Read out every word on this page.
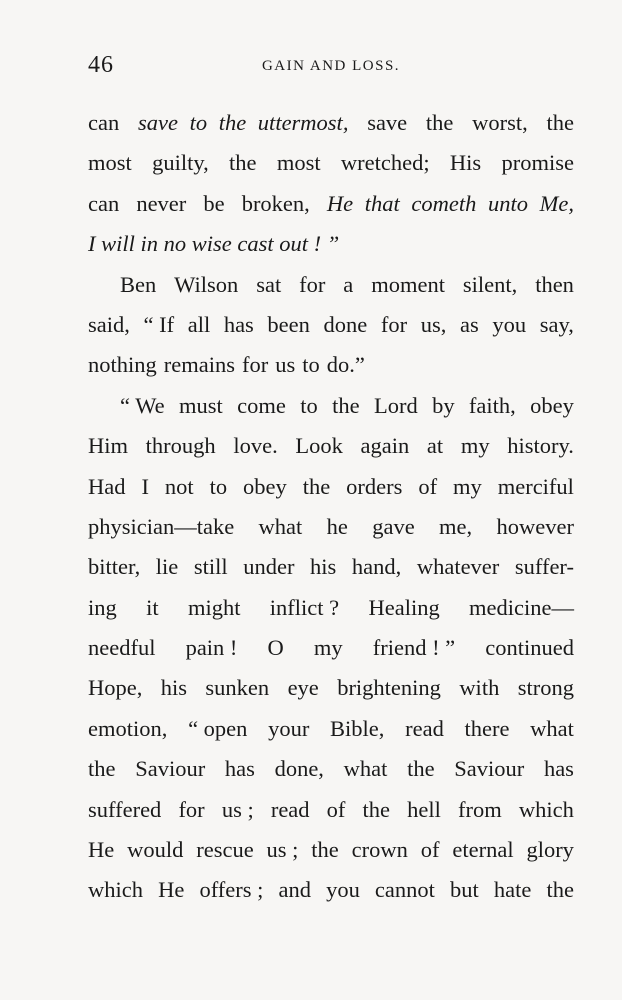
46	GAIN AND LOSS.
can save to the uttermost, save the worst, the
most guilty, the most wretched; His promise
can never be broken, He that cometh unto Me,
I will in no wise cast out ! ”
Ben Wilson sat for a moment silent, then
said, “ If all has been done for us, as you say,
nothing remains for us to do.”
“ We must come to the Lord by faith, obey
Him through love. Look again at my history.
Had I not to obey the orders of my merciful
physician—take what he gave me, however
bitter, lie still under his hand, whatever suffer-
ing it might inflict ? Healing medicine—
needful pain ! O my friend ! ” continued
Hope, his sunken eye brightening with strong
emotion, “ open your Bible, read there what
the Saviour has done, what the Saviour has
suffered for us ; read of the hell from which
He would rescue us ; the crown of eternal glory
which He offers ; and you cannot but hate the
